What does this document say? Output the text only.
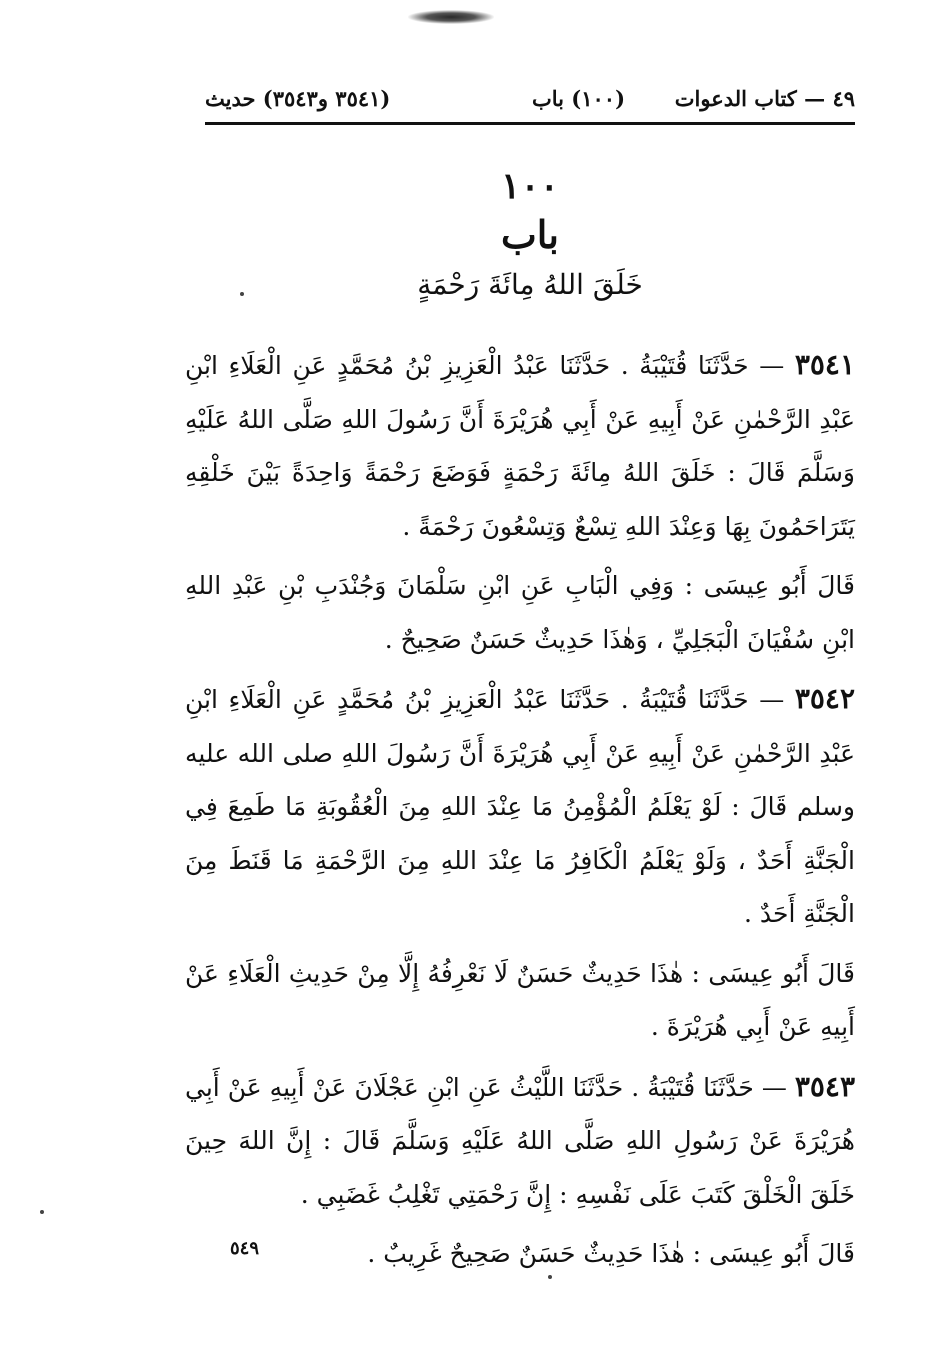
٤٩ — كتاب الدعوات
(١٠٠) باب
(٣٥٤١ و٣٥٤٣) حديث
١٠٠
باب
خَلَقَ اللهُ مِائَةَ رَحْمَةٍ

٣٥٤١ — حَدَّثَنَا قُتَيْبَةُ . حَدَّثَنَا عَبْدُ الْعَزِيزِ بْنُ مُحَمَّدٍ عَنِ الْعَلَاءِ ابْنِ عَبْدِ الرَّحْمٰنِ عَنْ أَبِيهِ عَنْ أَبِي هُرَيْرَةَ أَنَّ رَسُولَ اللهِ صَلَّى اللهُ عَلَيْهِ وَسَلَّمَ قَالَ : خَلَقَ اللهُ مِائَةَ رَحْمَةٍ فَوَضَعَ رَحْمَةً وَاحِدَةً بَيْنَ خَلْقِهِ يَتَرَاحَمُونَ بِهَا وَعِنْدَ اللهِ تِسْعٌ وَتِسْعُونَ رَحْمَةً .

قَالَ أَبُو عِيسَى : وَفِي الْبَابِ عَنِ ابْنِ سَلْمَانَ وَجُنْدَبِ بْنِ عَبْدِ اللهِ ابْنِ سُفْيَانَ الْبَجَلِيِّ ، وَهٰذَا حَدِيثٌ حَسَنٌ صَحِيحٌ .

٣٥٤٢ — حَدَّثَنَا قُتَيْبَةُ . حَدَّثَنَا عَبْدُ الْعَزِيزِ بْنُ مُحَمَّدٍ عَنِ الْعَلَاءِ ابْنِ عَبْدِ الرَّحْمٰنِ عَنْ أَبِيهِ عَنْ أَبِي هُرَيْرَةَ أَنَّ رَسُولَ اللهِ صلى الله عليه وسلم قَالَ : لَوْ يَعْلَمُ الْمُؤْمِنُ مَا عِنْدَ اللهِ مِنَ الْعُقُوبَةِ مَا طَمِعَ فِي الْجَنَّةِ أَحَدٌ ، وَلَوْ يَعْلَمُ الْكَافِرُ مَا عِنْدَ اللهِ مِنَ الرَّحْمَةِ مَا قَنَطَ مِنَ الْجَنَّةِ أَحَدٌ .

قَالَ أَبُو عِيسَى : هٰذَا حَدِيثٌ حَسَنٌ لَا نَعْرِفُهُ إِلَّا مِنْ حَدِيثِ الْعَلَاءِ عَنْ أَبِيهِ عَنْ أَبِي هُرَيْرَةَ .

٣٥٤٣ — حَدَّثَنَا قُتَيْبَةُ . حَدَّثَنَا اللَّيْثُ عَنِ ابْنِ عَجْلَانَ عَنْ أَبِيهِ عَنْ أَبِي هُرَيْرَةَ عَنْ رَسُولِ اللهِ صَلَّى اللهُ عَلَيْهِ وَسَلَّمَ قَالَ : إِنَّ اللهَ حِينَ خَلَقَ الْخَلْقَ كَتَبَ عَلَى نَفْسِهِ : إِنَّ رَحْمَتِي تَغْلِبُ غَضَبِي .

قَالَ أَبُو عِيسَى : هٰذَا حَدِيثٌ حَسَنٌ صَحِيحٌ غَرِيبٌ .

٥٤٩
